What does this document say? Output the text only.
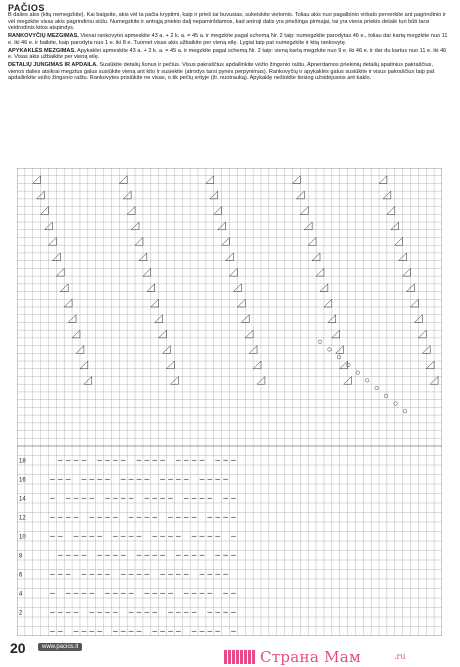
PAČIOS

B dalies akis (kitų nemegzkite). Kai baigsite, akis vėl ta pačia kryptimi, kaip ir prieš tai buvusias, sukeiskite vietomis. Toliau akis nuo pagalbinio virbalo perverkite ant pagrindinio ir vėl megzkite visas akis pagrindiniu siūlu. Numegzkite ir antrąją priekio dalį nepamiršdamos, kad antroji dalis yra priešinga pirmajai, tai yra viena priekio detalė turi būti tarsi veidrodinis kitos atspindys.

RANKOVYČIŲ MEZGIMAS. Vienai rankovytei apmeskite 43 a. + 2 k. a. = 45 a. ir megzkite pagal schemą Nr. 2 taip: numegzkite parodytas 46 e., toliau dar kartą megzkite nuo 11 e. iki 46 e. ir baikite, kaip parodyta nuo 1 e. iki 8 e. Tuomet visas akis užbaikite per vieną eilę. Lygiai taip pat numegzkite ir kitą rankovytę.

APYKAKLĖS MEZGIMAS. Apykaklei apmeskite 43 a. + 2 k. a. = 45 a. ir megzkite pagal schemą Nr. 2 taip: vieną kartą megzkite nuo 9 e. iki 46 e. ir dar du kartus nuo 11 e. iki 46 e. Visas akis užbaikite per vieną eilę.

DETALIŲ JUNGIMAS IR APDAILA. Susiūkite detalių šonus ir pečius. Visus pakraščius apdailinkite vėžio žingsnio raštu. Apnerdamos priekinių detalių apatinius pakraščius, vienos dalies atsikrai megztus galus susiūkite vieną ant kito ir susiekite (atrodys tarsi pynės perpynimas). Rankovyčių ir apykaklės galus susiūkite ir visus pakraščius taip pat apdailinkite vėžio žingsnio raštu. Rankovytes prisiūkite ne visas, o tik pečių srityje (žr. nuotrauką). Apykaklę nešiokite tiesiog užsidėjusios ant kaklo.

18
16
14
12
10
8
6
4
2
20	www.pacios.lt
Страна Мам	.ru
